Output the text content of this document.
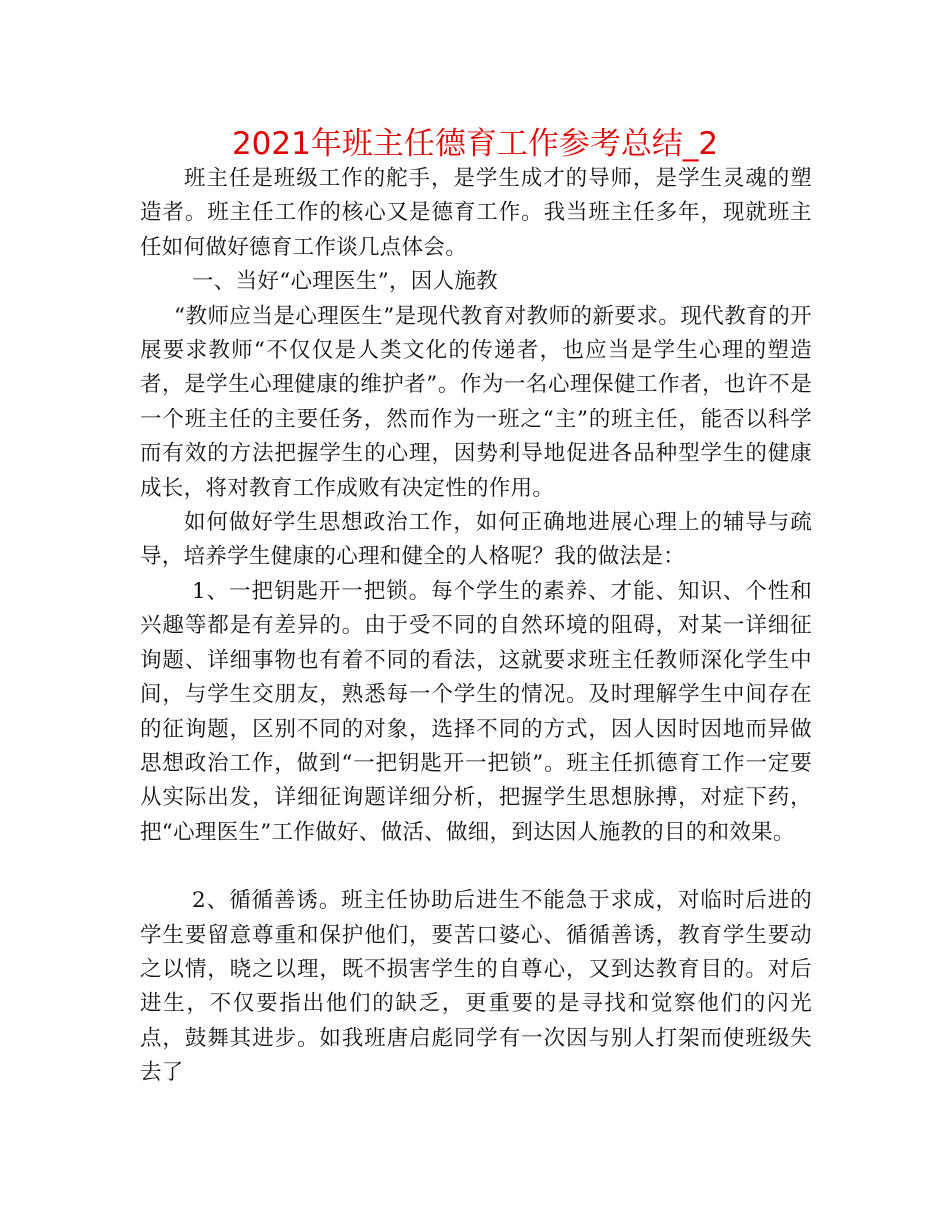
2021年班主任德育工作参考总结_2

班主任是班级工作的舵手，是学生成才的导师，是学生灵魂的塑造者。班主任工作的核心又是德育工作。我当班主任多年，现就班主任如何做好德育工作谈几点体会。

一、当好“心理医生”，因人施教

“教师应当是心理医生”是现代教育对教师的新要求。现代教育的开展要求教师“不仅仅是人类文化的传递者，也应当是学生心理的塑造者，是学生心理健康的维护者”。作为一名心理保健工作者，也许不是一个班主任的主要任务，然而作为一班之“主”的班主任，能否以科学而有效的方法把握学生的心理，因势利导地促进各品种型学生的健康成长，将对教育工作成败有决定性的作用。

如何做好学生思想政治工作，如何正确地进展心理上的辅导与疏导，培养学生健康的心理和健全的人格呢？我的做法是：

1、一把钥匙开一把锁。每个学生的素养、才能、知识、个性和兴趣等都是有差异的。由于受不同的自然环境的阻碍，对某一详细征询题、详细事物也有着不同的看法，这就要求班主任教师深化学生中间，与学生交朋友，熟悉每一个学生的情况。及时理解学生中间存在的征询题，区别不同的对象，选择不同的方式，因人因时因地而异做思想政治工作，做到“一把钥匙开一把锁”。班主任抓德育工作一定要从实际出发，详细征询题详细分析，把握学生思想脉搏，对症下药，把“心理医生”工作做好、做活、做细，到达因人施教的目的和效果。

2、循循善诱。班主任协助后进生不能急于求成，对临时后进的学生要留意尊重和保护他们，要苦口婆心、循循善诱，教育学生要动之以情，晓之以理，既不损害学生的自尊心，又到达教育目的。对后进生，不仅要指出他们的缺乏，更重要的是寻找和觉察他们的闪光点，鼓舞其进步。如我班唐启彪同学有一次因与别人打架而使班级失去了
